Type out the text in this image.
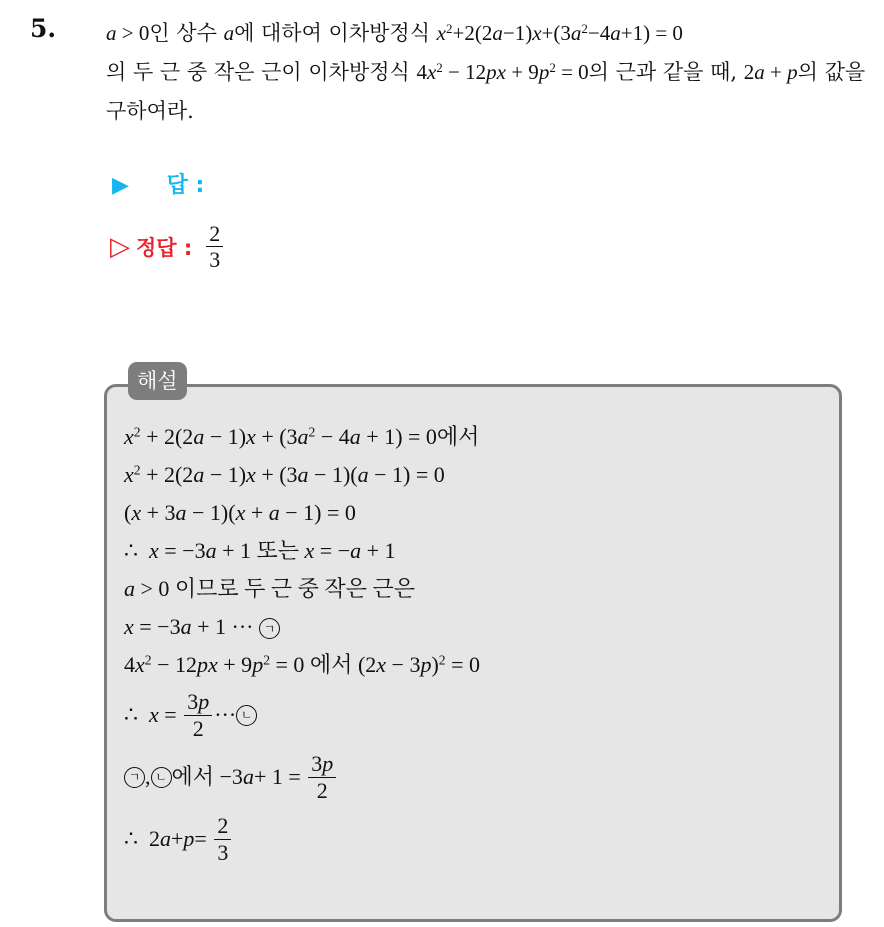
5. a > 0인 상수 a에 대하여 이차방정식 $x^2+2(2a-1)x+(3a^2-4a+1) = 0$
의 두 근 중 작은 근이 이차방정식 $4x^2 - 12px + 9p^2 = 0$의 근과 같을 때, 2a + p의 값을 구하여라.
▶ 답 :
▷ 정답 : $\frac{2}{3}$
해설
$x^2 + 2(2a - 1)x + (3a^2 - 4a + 1) = 0$에서
$x^2 + 2(2a - 1)x + (3a - 1)(a - 1) = 0$
(x + 3a − 1)(x + a − 1) = 0
∴  x = −3a + 1 또는 x = −a + 1
a > 0 이므로 두 근 중 작은 근은
x = −3a + 1 ··· ㄱ
$4x^2 - 12px + 9p^2 = 0$ 에서 $(2x - 3p)^2 = 0$
∴ $x = \frac{3p}{2}$ ··· ㄴ
ㄱ , ㄴ 에서 −3 $a + 1 = \frac{3p}{2}$
∴  2 $a + p = \frac{2}{3}$
